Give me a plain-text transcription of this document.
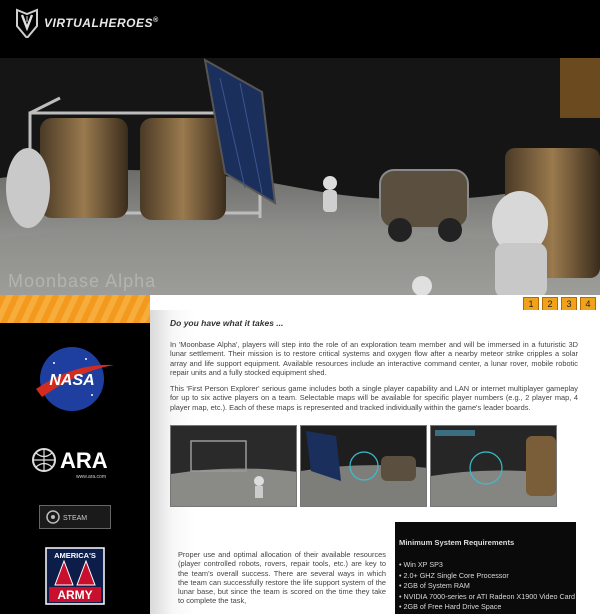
VIRTUALHEROES®
Moonbase Alpha
1	2	3	4
NASA
ARA
www.ara.com
STEAM
AMERICA'S
ARMY
Do you have what it takes ...

In 'Moonbase Alpha', players will step into the role of an exploration team member and will be immersed in a futuristic 3D lunar settlement. Their mission is to restore critical systems and oxygen flow after a nearby meteor strike cripples a solar array and life support equipment. Available resources include an interactive command center, a lunar rover, mobile robotic repair units and a fully stocked equipment shed.

This 'First Person Explorer' serious game includes both a single player capability and LAN or internet multiplayer gameplay for up to six active players on a team. Selectable maps will be available for specific player numbers (e.g., 2 player map, 4 player map, etc.). Each of these maps is represented and tracked individually within the game's leader boards.

Proper use and optimal allocation of their available resources (player controlled robots, rovers, repair tools, etc.) are key to the team's overall success. There are several ways in which the team can successfully restore the life support system of the lunar base, but since the team is scored on the time they take to complete the task,

Minimum System Requirements
• Win XP SP3
• 2.0+ GHZ Single Core Processor
• 2GB of System RAM
• NVIDIA 7000-series or ATI Radeon X1900 Video Card
• 2GB of Free Hard Drive Space
